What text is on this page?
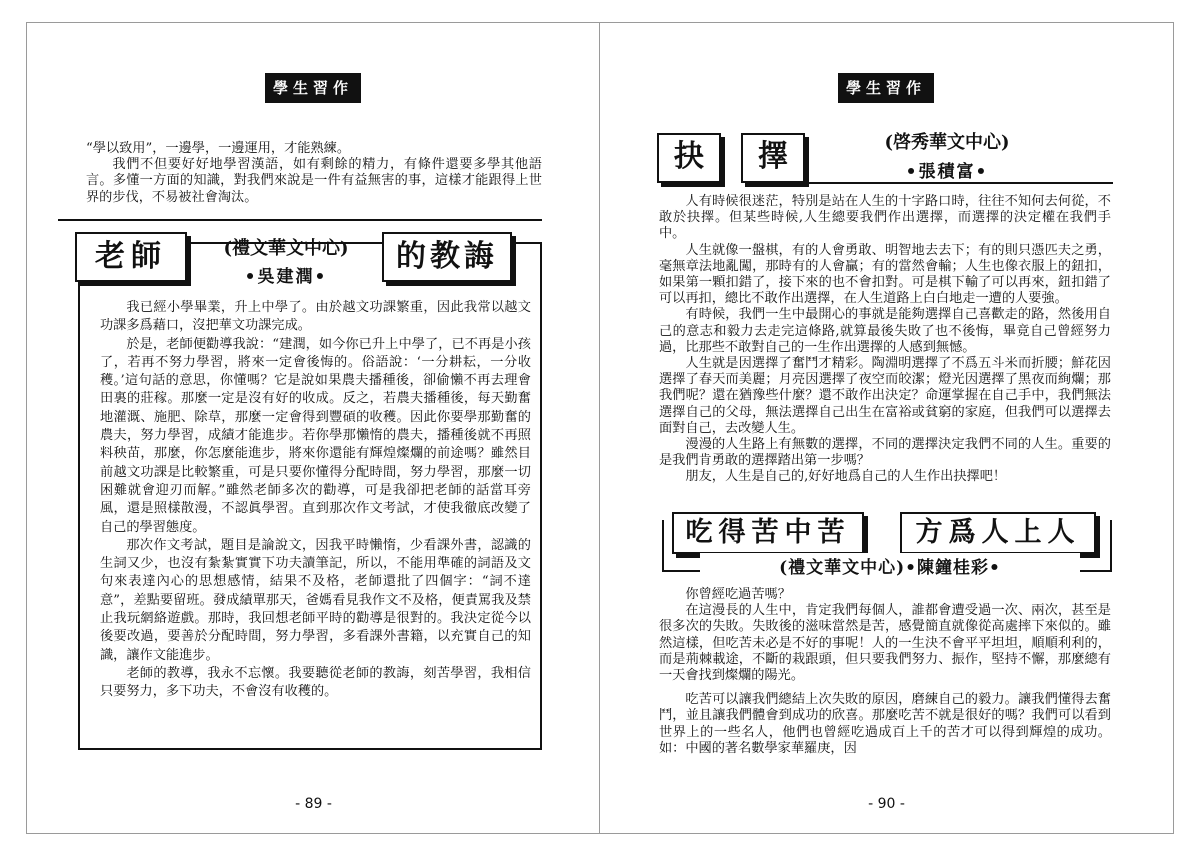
學生習作
- 89 -

“學以致用”，一邊學，一邊運用，才能熟練。

我們不但要好好地學習漢語，如有剩餘的精力，有條件還要多學其他語言。多懂一方面的知識，對我們來說是一件有益無害的事，這樣才能跟得上世界的步伐，不易被社會淘汰。

老師	的教誨
(禮文華文中心)
•吳建潤•

我已經小學畢業，升上中學了。由於越文功課繁重，因此我常以越文功課多爲藉口，沒把華文功課完成。

於是，老師便勸導我說：“建潤，如今你已升上中學了，已不再是小孩了，若再不努力學習，將來一定會後悔的。俗語說：‘一分耕耘，一分收穫。’這句話的意思，你懂嗎？它是說如果農夫播種後，卻偷懶不再去理會田裏的莊稼。那麼一定是沒有好的收成。反之，若農夫播種後，每天勤奮地灌溉、施肥、除草，那麼一定會得到豐碩的收穫。因此你要學那勤奮的農夫，努力學習，成績才能進步。若你學那懶惰的農夫，播種後就不再照料秧苗，那麼，你怎麼能進步，將來你還能有輝煌燦爛的前途嗎？雖然目前越文功課是比較繁重，可是只要你懂得分配時間，努力學習，那麼一切困難就會迎刃而解。”雖然老師多次的勸導，可是我卻把老師的話當耳旁風，還是照樣散漫，不認眞學習。直到那次作文考試，才使我徹底改變了自己的學習態度。

那次作文考試，題目是論說文，因我平時懶惰，少看課外書，認識的生詞又少，也沒有紮紮實實下功夫讀筆記，所以，不能用準確的詞語及文句來表達內心的思想感情，結果不及格，老師還批了四個字：“詞不達意”，差點要留班。發成績單那天，爸媽看見我作文不及格，便責罵我及禁止我玩網絡遊戲。那時，我回想老師平時的勸導是很對的。我決定從今以後要改過，要善於分配時間，努力學習，多看課外書籍，以充實自己的知識，讓作文能進步。

老師的教導，我永不忘懷。我要聽從老師的教誨，刻苦學習，我相信只要努力，多下功夫，不會沒有收穫的。

學生習作
- 90 -
抉	擇	(啓秀華文中心)
•張積富•

人有時候很迷茫，特別是站在人生的十字路口時，往往不知何去何從，不敢於抉擇。但某些時候,人生總要我們作出選擇，而選擇的決定權在我們手中。

人生就像一盤棋，有的人會勇敢、明智地去去下；有的則只憑匹夫之勇，毫無章法地亂闖，那時有的人會贏；有的當然會輸；人生也像衣服上的鈕扣，如果第一顆扣錯了，接下來的也不會扣對。可是棋下輸了可以再來，鈕扣錯了可以再扣，總比不敢作出選擇，在人生道路上白白地走一遭的人要強。

有時候，我們一生中最開心的事就是能夠選擇自己喜歡走的路，然後用自己的意志和毅力去走完這條路,就算最後失敗了也不後悔，畢竟自己曾經努力過，比那些不敢對自己的一生作出選擇的人感到無憾。

人生就是因選擇了奮鬥才精彩。陶淵明選擇了不爲五斗米而折腰；鮮花因選擇了春天而美麗；月亮因選擇了夜空而皎潔；燈光因選擇了黑夜而絢爛；那我們呢？還在猶豫些什麼？還不敢作出決定？命運掌握在自己手中，我們無法選擇自己的父母，無法選擇自己出生在富裕或貧窮的家庭，但我們可以選擇去面對自己，去改變人生。

漫漫的人生路上有無數的選擇，不同的選擇決定我們不同的人生。重要的是我們肯勇敢的選擇踏出第一步嗎？

朋友，人生是自己的,好好地爲自己的人生作出抉擇吧！

吃得苦中苦	方爲人上人
(禮文華文中心)•陳鐘桂彩•

你曾經吃過苦嗎？

在這漫長的人生中，肯定我們每個人，誰都會遭受過一次、兩次，甚至是很多次的失敗。失敗後的滋味當然是苦，感覺簡直就像從高處摔下來似的。雖然這樣，但吃苦未必是不好的事呢！人的一生決不會平平坦坦，順順利利的，而是荊棘載途，不斷的栽跟頭，但只要我們努力、振作，堅持不懈，那麼總有一天會找到燦爛的陽光。

吃苦可以讓我們總結上次失敗的原因，磨練自己的毅力。讓我們懂得去奮鬥，並且讓我們體會到成功的欣喜。那麼吃苦不就是很好的嗎？我們可以看到世界上的一些名人，他們也曾經吃過成百上千的苦才可以得到輝煌的成功。如：中國的著名數學家華羅庚，因
